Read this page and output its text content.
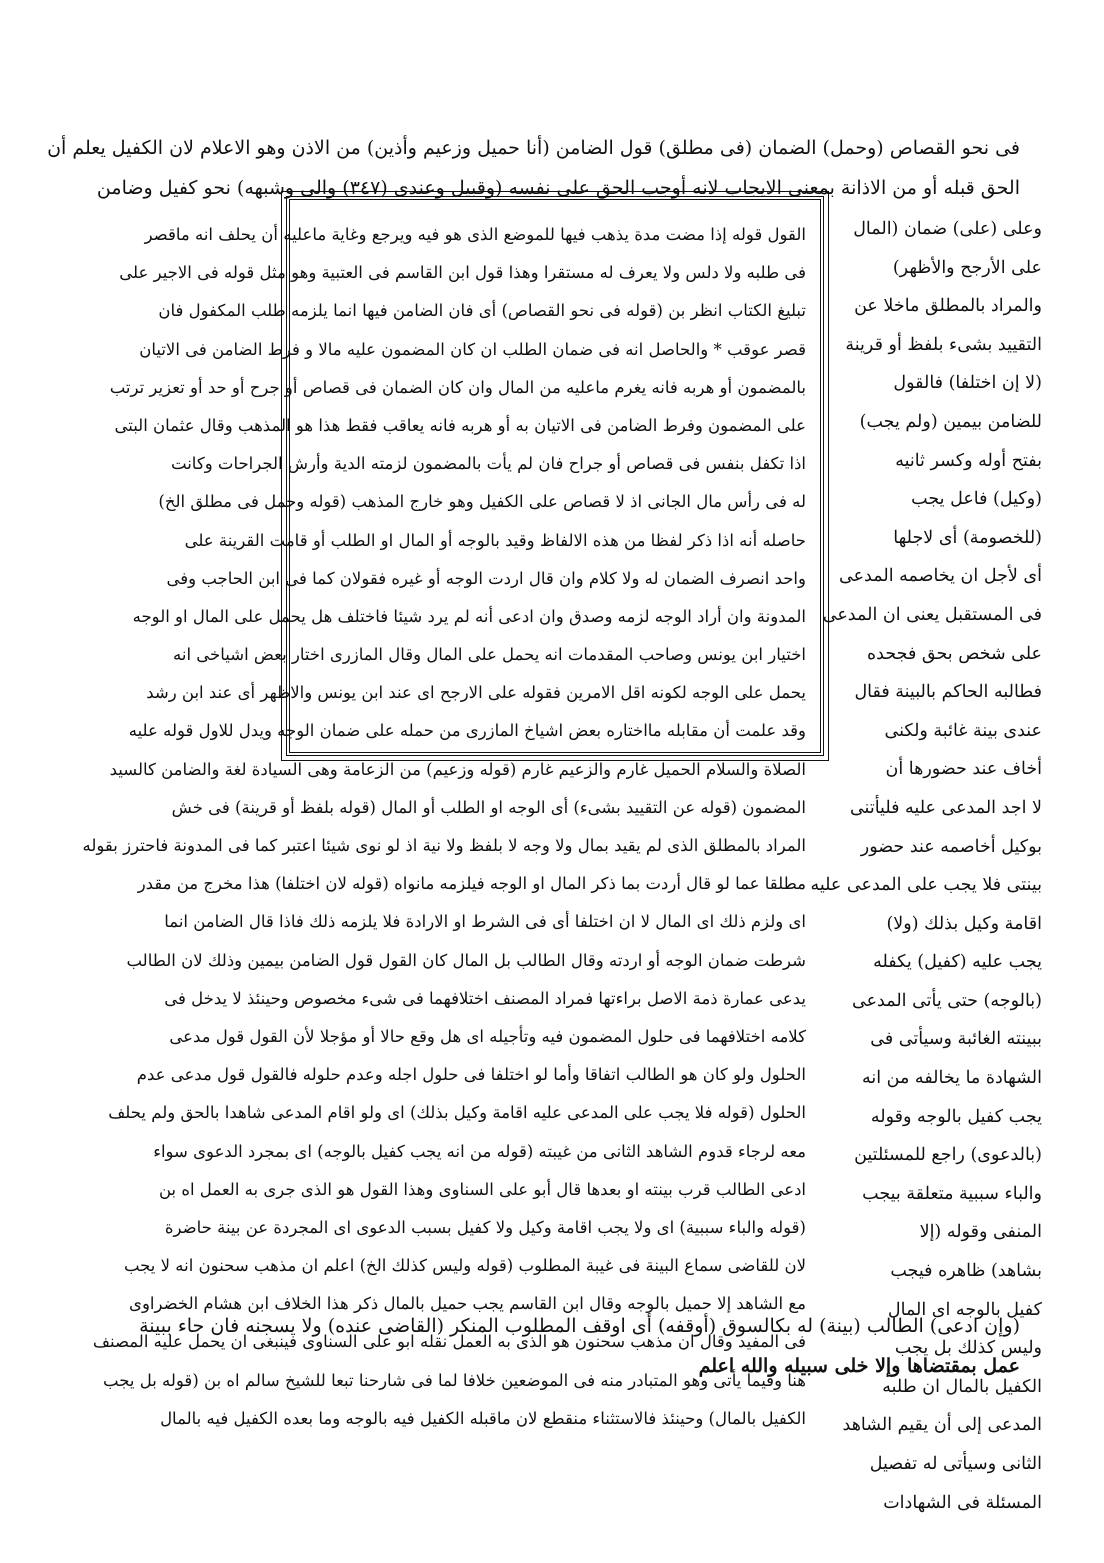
فى نحو القصاص (وحمل) الضمان (فى مطلق) قول الضامن (أنا حميل وزعيم وأذين) من الاذن وهو الاعلام لان الكفيل يعلم أن
الحق قبله أو من الاذانة بمعنى الايجاب لانه أوجب الحق على نفسه (وقبيل وعندى (٣٤٧) والى وشبهه) نحو كفيل وضامن
القول قوله إذا مضت مدة يذهب فيها للموضع الذى هو فيه ويرجع وغاية ماعليه أن يحلف انه ماقصر
فى طلبه ولا دلس ولا يعرف له مستقرا وهذا قول ابن القاسم فى العتبية وهو مثل قوله فى الاجير على
تبليغ الكتاب انظر بن (قوله فى نحو القصاص) أى فان الضامن فيها انما يلزمه طلب المكفول فان
قصر عوقب * والحاصل انه فى ضمان الطلب ان كان المضمون عليه مالا و فرط الضامن فى الاتيان
بالمضمون أو هربه فانه يغرم ماعليه من المال وان كان الضمان فى قصاص أو جرح أو حد أو تعزير ترتب
على المضمون وفرط الضامن فى الاتيان به أو هربه فانه يعاقب فقط هذا هو المذهب وقال عثمان البتى
اذا تكفل بنفس فى قصاص أو جراح فان لم يأت بالمضمون لزمته الدية وأرش الجراحات وكانت
له فى رأس مال الجانى اذ لا قصاص على الكفيل وهو خارج المذهب (قوله وحمل فى مطلق الخ)
حاصله أنه اذا ذكر لفظا من هذه الالفاظ وقيد بالوجه أو المال او الطلب أو قامت القرينة على
واحد انصرف الضمان له ولا كلام وان قال اردت الوجه أو غيره فقولان كما فى ابن الحاجب وفى
المدونة وان أراد الوجه لزمه وصدق وان ادعى أنه لم يرد شيئا فاختلف هل يحمل على المال او الوجه
اختيار ابن يونس وصاحب المقدمات انه يحمل على المال وقال المازرى اختار بعض اشياخى انه
يحمل على الوجه لكونه اقل الامرين فقوله على الارجح اى عند ابن يونس والاظهر أى عند ابن رشد
وقد علمت أن مقابله مااختاره بعض اشياخ المازرى من حمله على ضمان الوجه ويدل للاول قوله عليه
الصلاة والسلام الحميل غارم والزعيم غارم (قوله وزعيم) من الزعامة وهى السيادة لغة والضامن كالسيد
المضمون (قوله عن التقييد بشىء) أى الوجه او الطلب أو المال (قوله بلفظ أو قرينة) فى خش
المراد بالمطلق الذى لم يقيد بمال ولا وجه لا بلفظ ولا نية اذ لو نوى شيئا اعتبر كما فى المدونة فاحترز بقوله
مطلقا عما لو قال أردت بما ذكر المال او الوجه فيلزمه مانواه (قوله لان اختلفا) هذا مخرج من مقدر
اى ولزم ذلك اى المال لا ان اختلفا أى فى الشرط او الارادة فلا يلزمه ذلك فاذا قال الضامن انما
شرطت ضمان الوجه أو اردته وقال الطالب بل المال كان القول قول الضامن بيمين وذلك لان الطالب
يدعى عمارة ذمة الاصل براءتها فمراد المصنف اختلافهما فى شىء مخصوص وحينئذ لا يدخل فى
كلامه اختلافهما فى حلول المضمون فيه وتأجيله اى هل وقع حالا أو مؤجلا لأن القول قول مدعى
الحلول ولو كان هو الطالب اتفاقا وأما لو اختلفا فى حلول اجله وعدم حلوله فالقول قول مدعى عدم
الحلول (قوله فلا يجب على المدعى عليه اقامة وكيل بذلك) اى ولو اقام المدعى شاهدا بالحق ولم يحلف
معه لرجاء قدوم الشاهد الثانى من غيبته (قوله من انه يجب كفيل بالوجه) اى بمجرد الدعوى سواء
ادعى الطالب قرب بينته او بعدها قال أبو على السناوى وهذا القول هو الذى جرى به العمل اه بن
(قوله والباء سببية) اى ولا يجب اقامة وكيل ولا كفيل بسبب الدعوى اى المجردة عن بينة حاضرة
لان للقاضى سماع البينة فى غيبة المطلوب (قوله وليس كذلك الخ) اعلم ان مذهب سحنون انه لا يجب
مع الشاهد إلا حميل بالوجه وقال ابن القاسم يجب حميل بالمال ذكر هذا الخلاف ابن هشام الخضراوى
فى المفيد وقال ان مذهب سحنون هو الذى به العمل نقله ابو على السناوى فينبغى ان يحمل عليه المصنف
هنا وفيما يأتى وهو المتبادر منه فى الموضعين خلافا لما فى شارحنا تبعا للشيخ سالم اه بن (قوله بل يجب
الكفيل بالمال) وحينئذ فالاستثناء منقطع لان ماقبله الكفيل فيه بالوجه وما بعده الكفيل فيه بالمال
وعلى (على) ضمان (المال
على الأرجح والأظهر)
والمراد بالمطلق ماخلا عن
التقييد بشىء بلفظ أو قرينة
(لا إن اختلفا) فالقول
للضامن بيمين (ولم يجب)
بفتح أوله وكسر ثانيه
(وكيل) فاعل يجب
(للخصومة) أى لاجلها
أى لأجل ان يخاصمه المدعى
فى المستقبل يعنى ان المدعى
على شخص بحق فجحده
فطالبه الحاكم بالبينة فقال
عندى بينة غائبة ولكنى
أخاف عند حضورها أن
لا اجد المدعى عليه فليأتنى
بوكيل أخاصمه عند حضور
بينتى فلا يجب على المدعى عليه
اقامة وكيل بذلك (ولا)
يجب عليه (كفيل) يكفله
(بالوجه) حتى يأتى المدعى
ببينته الغائبة وسيأتى فى
الشهادة ما يخالفه من انه
يجب كفيل بالوجه وقوله
(بالدعوى) راجع للمسئلتين
والباء سببية متعلقة بيجب
المنفى وقوله (إلا
بشاهد) ظاهره فيجب
كفيل بالوجه اى المال
وليس كذلك بل يجب
الكفيل بالمال ان طلبه
المدعى إلى أن يقيم الشاهد
الثانى وسيأتى له تفصيل
المسئلة فى الشهادات
(وإن ادعى) الطالب (بينة) له بكالسوق (أوقفه) أى اوقف المطلوب المنكر (القاضى عنده) ولا يسجنه فان جاء ببينة
عمل بمقتضاها وإلا خلى سبيله والله اعلم
